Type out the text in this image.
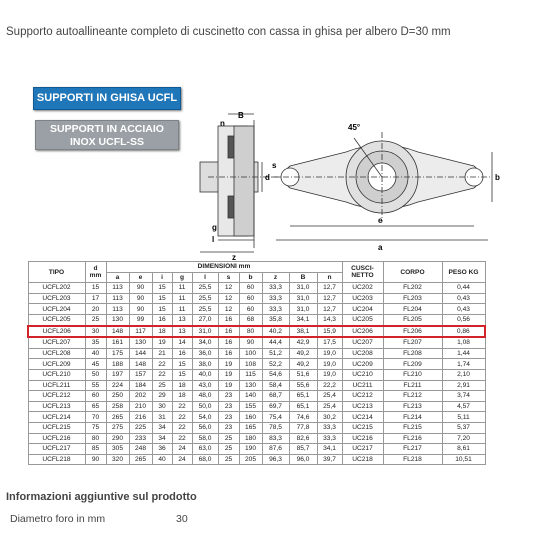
Supporto autoallineante completo di cuscinetto con cassa in ghisa per albero D=30 mm
SUPPORTI IN GHISA UCFL
SUPPORTI IN ACCIAIO
INOX UCFL-SS
B
n
d
g
l
z
45°
s
b
e
a
TIPO	d
mm	DIMENSIONI mm										CUSCI-NETTO	CORPO	PESO KG
		a	e	i	g	l	s	b	z	B	n			
UCFL202	15	113	90	15	11	25,5	12	60	33,3	31,0	12,7	UC202	FL202	0,44
UCFL203	17	113	90	15	11	25,5	12	60	33,3	31,0	12,7	UC203	FL203	0,43
UCFL204	20	113	90	15	11	25,5	12	60	33,3	31,0	12,7	UC204	FL204	0,43
UCFL205	25	130	99	16	13	27,0	16	68	35,8	34,1	14,3	UC205	FL205	0,56
UCFL206	30	148	117	18	13	31,0	16	80	40,2	38,1	15,9	UC206	FL206	0,86
UCFL207	35	161	130	19	14	34,0	16	90	44,4	42,9	17,5	UC207	FL207	1,08
UCFL208	40	175	144	21	16	36,0	16	100	51,2	49,2	19,0	UC208	FL208	1,44
UCFL209	45	188	148	22	15	38,0	19	108	52,2	49,2	19,0	UC209	FL209	1,74
UCFL210	50	197	157	22	15	40,0	19	115	54,6	51,6	19,0	UC210	FL210	2,10
UCFL211	55	224	184	25	18	43,0	19	130	58,4	55,6	22,2	UC211	FL211	2,91
UCFL212	60	250	202	29	18	48,0	23	140	68,7	65,1	25,4	UC212	FL212	3,74
UCFL213	65	258	210	30	22	50,0	23	155	69,7	65,1	25,4	UC213	FL213	4,57
UCFL214	70	265	216	31	22	54,0	23	160	75,4	74,6	30,2	UC214	FL214	5,11
UCFL215	75	275	225	34	22	56,0	23	165	78,5	77,8	33,3	UC215	FL215	5,37
UCFL216	80	290	233	34	22	58,0	25	180	83,3	82,6	33,3	UC216	FL216	7,20
UCFL217	85	305	248	36	24	63,0	25	190	87,6	85,7	34,1	UC217	FL217	8,61
UCFL218	90	320	265	40	24	68,0	25	205	96,3	96,0	39,7	UC218	FL218	10,51
Informazioni aggiuntive sul prodotto
Diametro foro in mm	30
